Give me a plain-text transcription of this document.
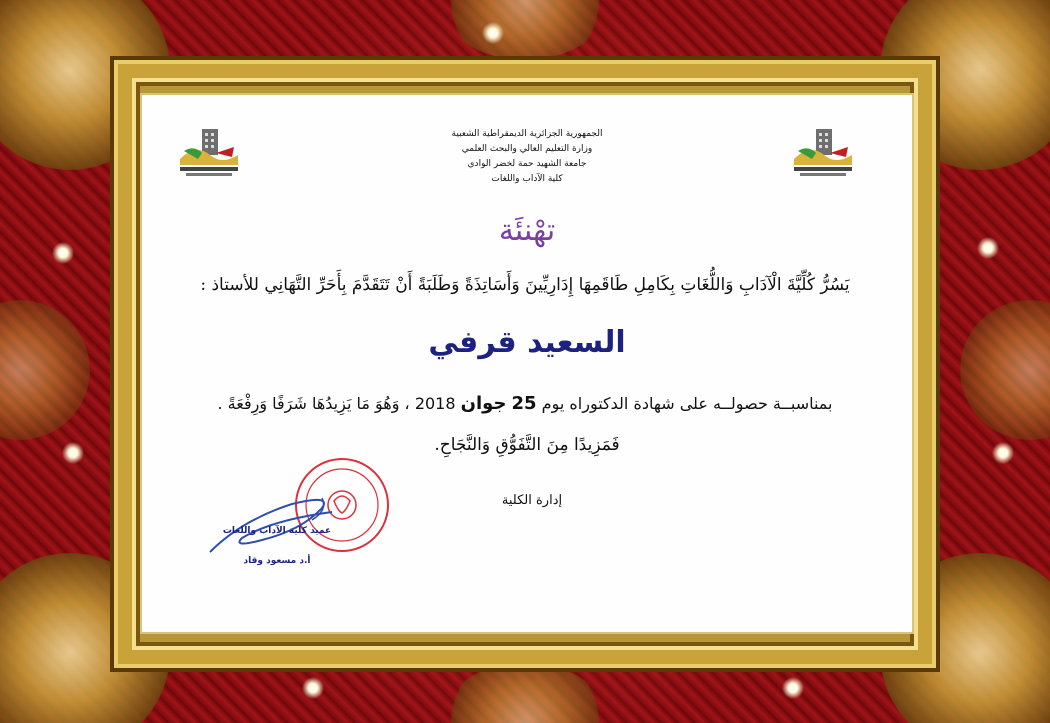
الجمهورية الجزائرية الديمقراطية الشعبية
وزارة التعليم العالي والبحث العلمي
جامعة الشهيد حمة لخضر الوادي
كلية الآداب واللغات
تهْنئَة
يَسُرُّ كُلِّيَّةَ الْآدَابِ وَاللُّغَاتِ بِكَامِلِ طَاقَمِهَا إِدَارِيِّينَ وَأَسَاتِذَةً وَطَلَبَةً أَنْ تَتَقَدَّمَ بِأَحَرِّ التَّهَانِي للأستاذ :
السعيد قرفي
بمناسبــة حصولــه على شهادة الدكتوراه يوم 25 جوان 2018 ، وَهُوَ مَا يَزِيدُهَا شَرَفًا وَرِفْعَةً .
فَمَزِيدًا مِنَ التَّفَوُّقِ وَالنَّجَاحِ.
إدارة الكلية
عميد كلية الآداب واللغات
أ.د مسعود وقاد
